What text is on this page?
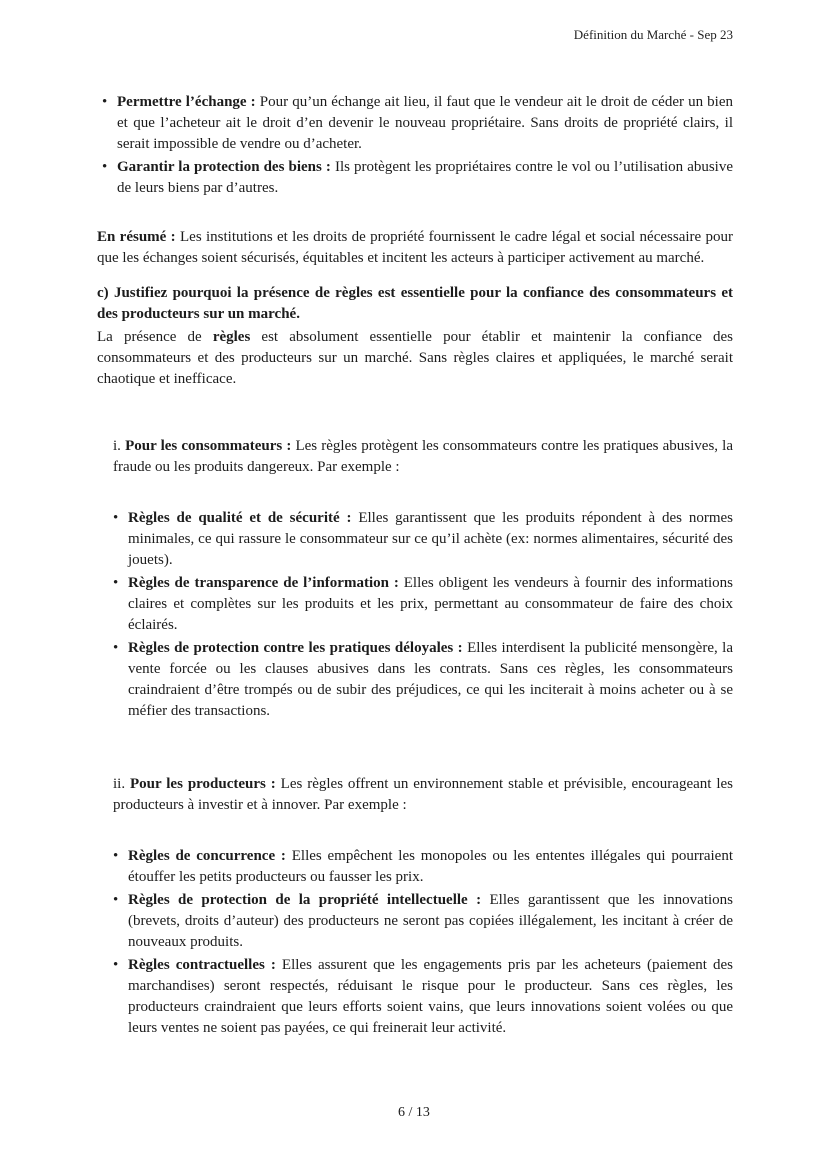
Définition du Marché - Sep 23
• Permettre l’échange : Pour qu’un échange ait lieu, il faut que le vendeur ait le droit de céder un bien et que l’acheteur ait le droit d’en devenir le nouveau propriétaire. Sans droits de propriété clairs, il serait impossible de vendre ou d’acheter.
• Garantir la protection des biens : Ils protègent les propriétaires contre le vol ou l’utilisation abusive de leurs biens par d’autres.

En résumé : Les institutions et les droits de propriété fournissent le cadre légal et social nécessaire pour que les échanges soient sécurisés, équitables et incitent les acteurs à participer activement au marché.

c) Justifiez pourquoi la présence de règles est essentielle pour la confiance des consommateurs et des producteurs sur un marché.

La présence de règles est absolument essentielle pour établir et maintenir la confiance des consommateurs et des producteurs sur un marché. Sans règles claires et appliquées, le marché serait chaotique et inefficace.

i. Pour les consommateurs : Les règles protègent les consommateurs contre les pratiques abusives, la fraude ou les produits dangereux. Par exemple :

• Règles de qualité et de sécurité : Elles garantissent que les produits répondent à des normes minimales, ce qui rassure le consommateur sur ce qu’il achète (ex: normes alimentaires, sécurité des jouets).
• Règles de transparence de l’information : Elles obligent les vendeurs à fournir des informations claires et complètes sur les produits et les prix, permettant au consommateur de faire des choix éclairés.
• Règles de protection contre les pratiques déloyales : Elles interdisent la publicité mensongère, la vente forcée ou les clauses abusives dans les contrats. Sans ces règles, les consommateurs craindraient d’être trompés ou de subir des préjudices, ce qui les inciterait à moins acheter ou à se méfier des transactions.

ii. Pour les producteurs : Les règles offrent un environnement stable et prévisible, encourageant les producteurs à investir et à innover. Par exemple :

• Règles de concurrence : Elles empêchent les monopoles ou les ententes illégales qui pourraient étouffer les petits producteurs ou fausser les prix.
• Règles de protection de la propriété intellectuelle : Elles garantissent que les innovations (brevets, droits d’auteur) des producteurs ne seront pas copiées illégalement, les incitant à créer de nouveaux produits.
• Règles contractuelles : Elles assurent que les engagements pris par les acheteurs (paiement des marchandises) seront respectés, réduisant le risque pour le producteur. Sans ces règles, les producteurs craindraient que leurs efforts soient vains, que leurs innovations soient volées ou que leurs ventes ne soient pas payées, ce qui freinerait leur activité.
6 / 13
